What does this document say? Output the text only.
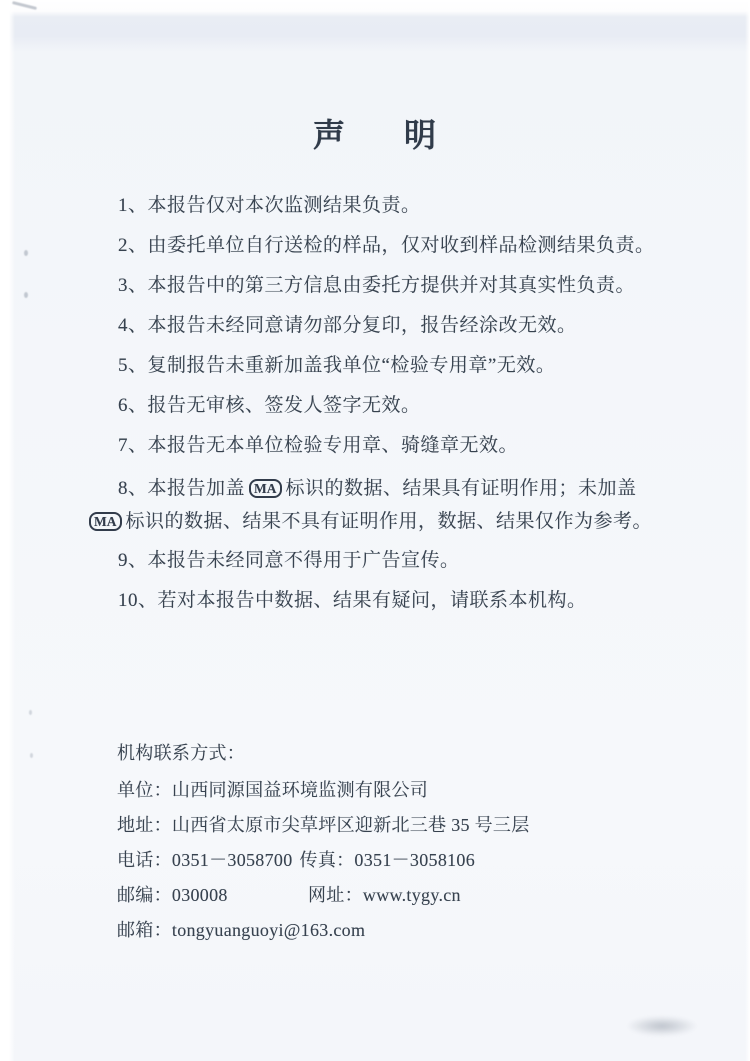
声 明

1、本报告仅对本次监测结果负责。

2、由委托单位自行送检的样品，仅对收到样品检测结果负责。

3、本报告中的第三方信息由委托方提供并对其真实性负责。

4、本报告未经同意请勿部分复印，报告经涂改无效。

5、复制报告未重新加盖我单位“检验专用章”无效。

6、报告无审核、签发人签字无效。

7、本报告无本单位检验专用章、骑缝章无效。

8、本报告加盖 MA 标识的数据、结果具有证明作用；未加盖MA 标识的数据、结果不具有证明作用，数据、结果仅作为参考。

9、本报告未经同意不得用于广告宣传。

10、若对本报告中数据、结果有疑问，请联系本机构。

机构联系方式：
单位：山西同源国益环境监测有限公司
地址：山西省太原市尖草坪区迎新北三巷 35 号三层
电话：0351－3058700 传真：0351－3058106
邮编：030008	网址：www.tygy.cn
邮箱：tongyuanguoyi@163.com
